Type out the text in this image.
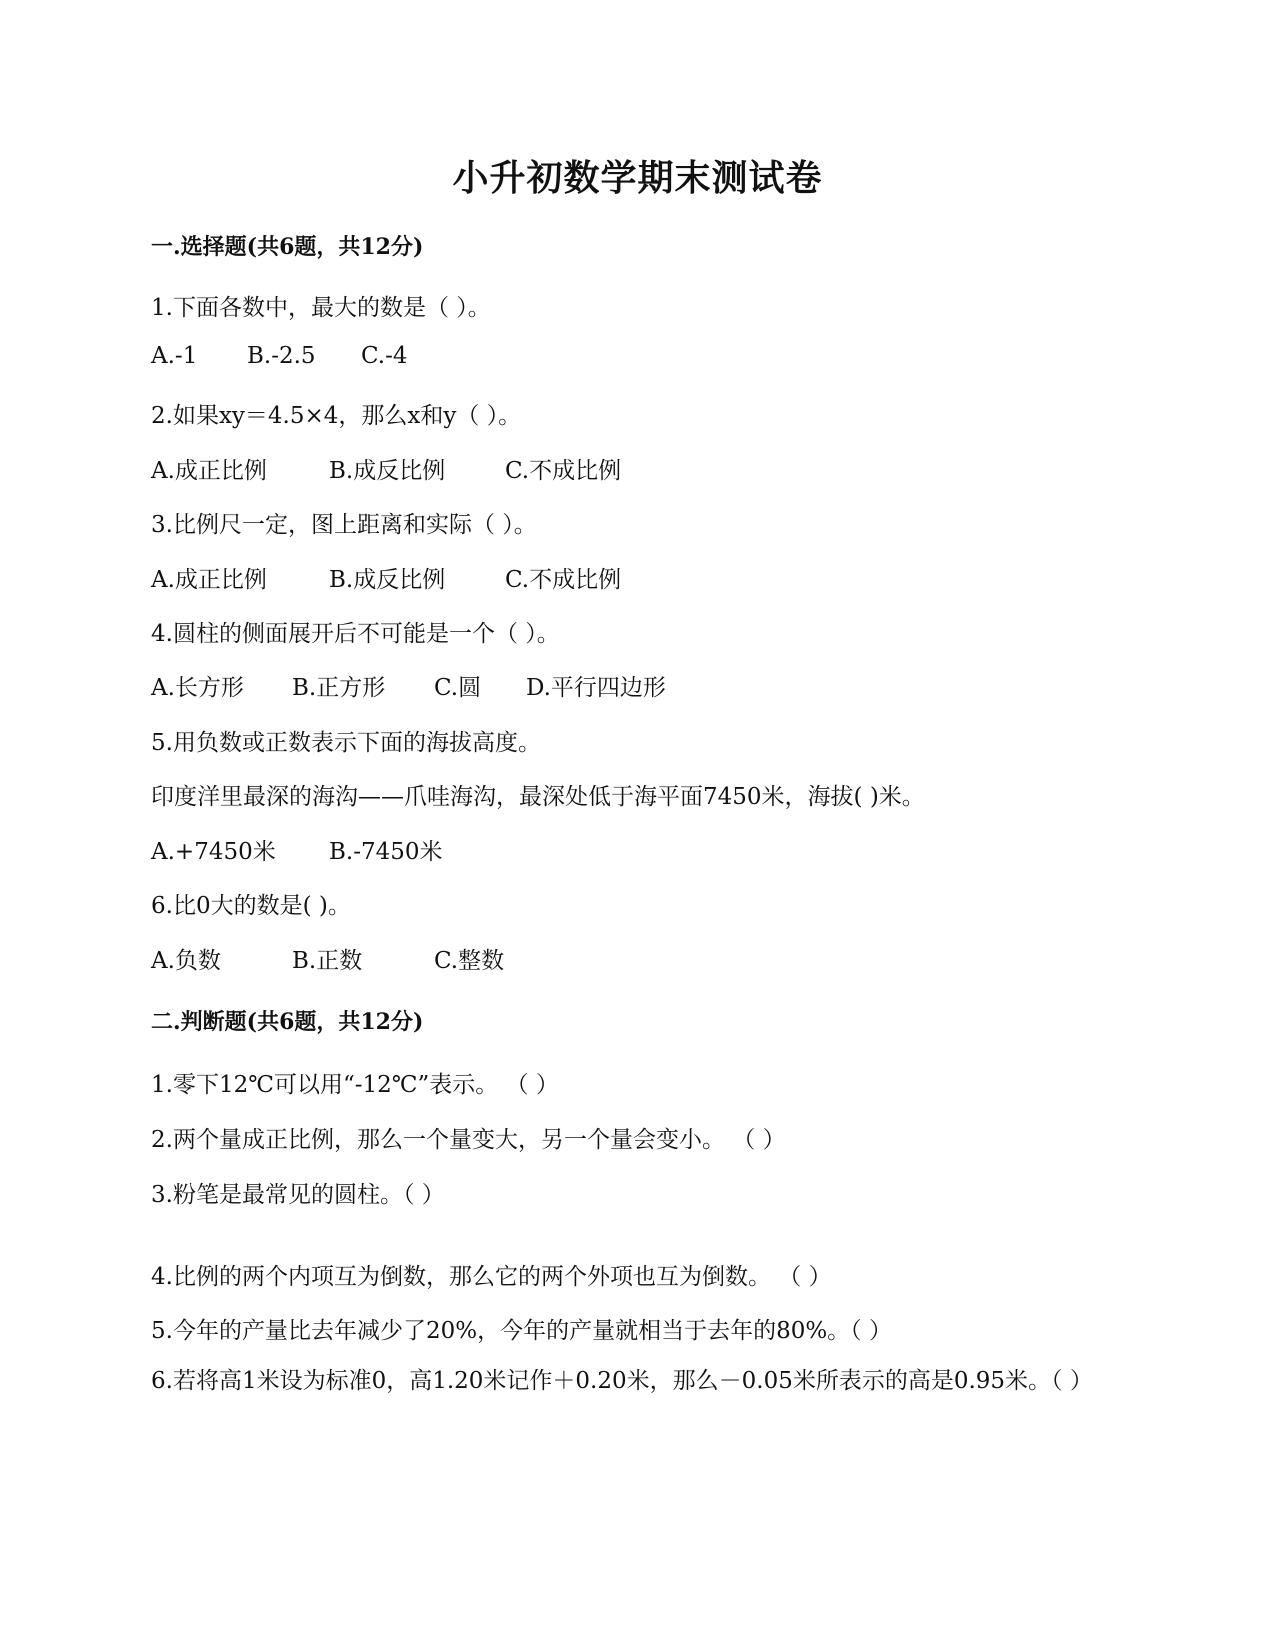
小升初数学期末测试卷
一.选择题(共6题，共12分)
1.下面各数中，最大的数是（ ）。
A.-1 B.-2.5 C.-4
2.如果xy＝4.5×4，那么x和y（ ）。
A.成正比例	B.成反比例	C.不成比例
3.比例尺一定，图上距离和实际（ ）。
A.成正比例	B.成反比例	C.不成比例
4.圆柱的侧面展开后不可能是一个（ ）。
A.长方形 B.正方形 C.圆 D.平行四边形
5.用负数或正数表示下面的海拔高度。
印度洋里最深的海沟——爪哇海沟，最深处低于海平面7450米，海拔( )米。
A.+7450米 B.-7450米
6.比0大的数是( )。
A.负数	B.正数	C.整数
二.判断题(共6题，共12分)
1.零下12℃可以用“-12℃”表示。 （ ）
2.两个量成正比例，那么一个量变大，另一个量会变小。 （ ）
3.粉笔是最常见的圆柱。（ ）
4.比例的两个内项互为倒数，那么它的两个外项也互为倒数。 （ ）
5.今年的产量比去年减少了20%，今年的产量就相当于去年的80%。（ ）
6.若将高1米设为标准0，高1.20米记作＋0.20米，那么－0.05米所表示的高是0.95米。（ ）
